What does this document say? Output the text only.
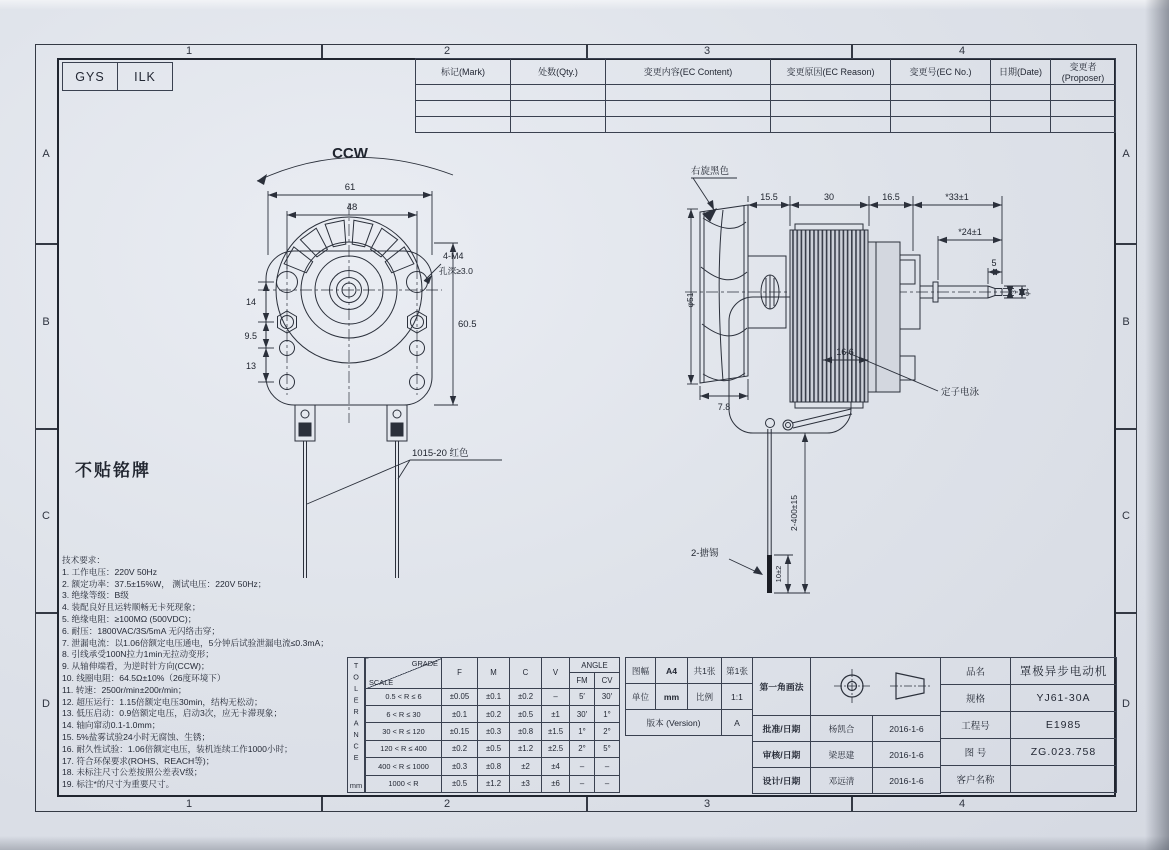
1	2	3	4
1	2	3	4
A
B
C
D
A
B
C
D
GYS	ILK	标记(Mark)	处数(Qty.)	变更内容(EC Content)	变更原因(EC Reason)	变更号(EC No.)	日期(Date)	变更者(Proposer)

CCW
61
48
14
9.5
13
60.5
4-M4
孔深≥3.0
1015-20 红色
不贴铭牌
右旋黑色
φ51
7.8
15.5	30	16.5	*33±1
*24±1
5
3 φ4
16.6
定子电泳
2-400±15
10±2
2-搪锡
技术要求：
1. 工作电压：220V 50Hz
2. 额定功率：37.5±15%W， 测试电压：220V 50Hz；
3. 绝缘等级：B级
4. 装配良好且运转顺畅无卡死现象；
5. 绝缘电阻：≥100MΩ (500VDC)；
6. 耐压：1800VAC/3S/5mA 无闪络击穿；
7. 泄漏电流：以1.06倍额定电压通电，5分钟后试验泄漏电流≤0.3mA；
8. 引线承受100N拉力1min无拉动变形；
9. 从轴伸端看，为逆时针方向(CCW)；
10. 线圈电阻：64.5Ω±10%（26度环境下）
11. 转速：2500r/min±200r/min；
12. 超压运行：1.15倍额定电压30min，结构无松动；
13. 低压启动：0.9倍额定电压，启动3次，应无卡滞现象；
14. 轴向窜动0.1-1.0mm；
15. 5%盐雾试验24小时无腐蚀、生锈；
16. 耐久性试验：1.06倍额定电压，装机连续工作1000小时；
17. 符合环保要求(ROHS、REACH等)；
18. 未标注尺寸公差按照公差表V级；
19. 标注*的尺寸为重要尺寸。
TOLERANCE
mm
GRADE
SCALE	F	M	C	V	ANGLE	
					FM	CV
0.5 < R ≤ 6	±0.05	±0.1	±0.2	–	5′	30′
6 < R ≤ 30	±0.1	±0.2	±0.5	±1	30′	1°
30 < R ≤ 120	±0.15	±0.3	±0.8	±1.5	1°	2°
120 < R ≤ 400	±0.2	±0.5	±1.2	±2.5	2°	5°
400 < R ≤ 1000	±0.3	±0.8	±2	±4	–	–
1000 < R	±0.5	±1.2	±3	±6	–	–
图幅	A4	共1张	第1张
单位	mm	比例	1:1
版本 (Version)			A
第一角画法	
批准/日期	杨凯合	2016-1-6
审核/日期	梁思建	2016-1-6
设计/日期	邓远清	2016-1-6
品名	罩极异步电动机
规格	YJ61-30A
工程号	E1985
图 号	ZG.023.758
客户名称	
